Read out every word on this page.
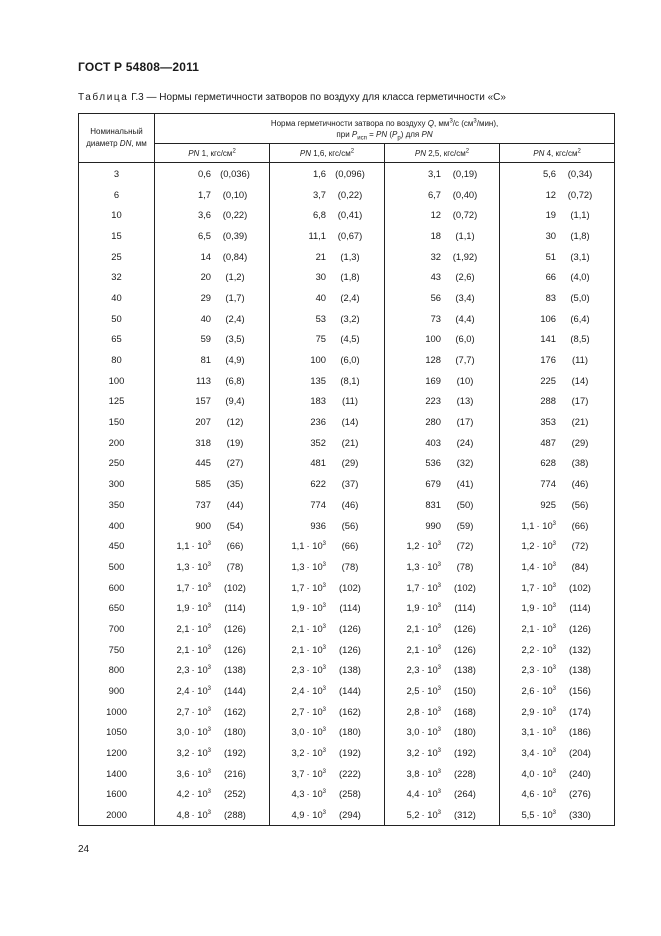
ГОСТ Р 54808—2011
Таблица Г.3 — Нормы герметичности затворов по воздуху для класса герметичности «С»
Номинальный
диаметр DN, мм	Норма герметичности затвора по воздуху Q, $мм^3/с$ $(см^3/мин)$,
при $P_{исп}$ = PN $(P_р)$ для PN			
	PN 1, кгс/$см^2$	PN 1,6, кгс/$см^2$	PN 2,5, кгс/$см^2$	PN 4, кгс/$см^2$
3	0,6 (0,036)	1,6 (0,096)	3,1 (0,19)	5,6 (0,34)

6	1,7 (0,10)	3,7 (0,22)	6,7 (0,40)	12 (0,72)

10	3,6 (0,22)	6,8 (0,41)	12 (0,72)	19 (1,1)

15	6,5 (0,39)	11,1 (0,67)	18 (1,1)	30 (1,8)

25	14 (0,84)	21 (1,3)	32 (1,92)	51 (3,1)

32	20 (1,2)	30 (1,8)	43 (2,6)	66 (4,0)

40	29 (1,7)	40 (2,4)	56 (3,4)	83 (5,0)

50	40 (2,4)	53 (3,2)	73 (4,4)	106 (6,4)

65	59 (3,5)	75 (4,5)	100 (6,0)	141 (8,5)

80	81 (4,9)	100 (6,0)	128 (7,7)	176 (11)

100	113 (6,8)	135 (8,1)	169 (10)	225 (14)

125	157 (9,4)	183 (11)	223 (13)	288 (17)

150	207 (12)	236 (14)	280 (17)	353 (21)

200	318 (19)	352 (21)	403 (24)	487 (29)

250	445 (27)	481 (29)	536 (32)	628 (38)

300	585 (35)	622 (37)	679 (41)	774 (46)

350	737 (44)	774 (46)	831 (50)	925 (56)

400	900 (54)	936 (56)	990 (59)	$1,1 \cdot 10^3$ (66)

450	$1,1 \cdot 10^3$ (66)	$1,1 \cdot 10^3$ (66)	$1,2 \cdot 10^3$ (72)	$1,2 \cdot 10^3$ (72)

500	$1,3 \cdot 10^3$ (78)	$1,3 \cdot 10^3$ (78)	$1,3 \cdot 10^3$ (78)	$1,4 \cdot 10^3$ (84)

600	$1,7 \cdot 10^3$ (102)	$1,7 \cdot 10^3$ (102)	$1,7 \cdot 10^3$ (102)	$1,7 \cdot 10^3$ (102)

650	$1,9 \cdot 10^3$ (114)	$1,9 \cdot 10^3$ (114)	$1,9 \cdot 10^3$ (114)	$1,9 \cdot 10^3$ (114)

700	$2,1 \cdot 10^3$ (126)	$2,1 \cdot 10^3$ (126)	$2,1 \cdot 10^3$ (126)	$2,1 \cdot 10^3$ (126)

750	$2,1 \cdot 10^3$ (126)	$2,1 \cdot 10^3$ (126)	$2,1 \cdot 10^3$ (126)	$2,2 \cdot 10^3$ (132)

800	$2,3 \cdot 10^3$ (138)	$2,3 \cdot 10^3$ (138)	$2,3 \cdot 10^3$ (138)	$2,3 \cdot 10^3$ (138)

900	$2,4 \cdot 10^3$ (144)	$2,4 \cdot 10^3$ (144)	$2,5 \cdot 10^3$ (150)	$2,6 \cdot 10^3$ (156)

1000	$2,7 \cdot 10^3$ (162)	$2,7 \cdot 10^3$ (162)	$2,8 \cdot 10^3$ (168)	$2,9 \cdot 10^3$ (174)

1050	$3,0 \cdot 10^3$ (180)	$3,0 \cdot 10^3$ (180)	$3,0 \cdot 10^3$ (180)	$3,1 \cdot 10^3$ (186)

1200	$3,2 \cdot 10^3$ (192)	$3,2 \cdot 10^3$ (192)	$3,2 \cdot 10^3$ (192)	$3,4 \cdot 10^3$ (204)

1400	$3,6 \cdot 10^3$ (216)	$3,7 \cdot 10^3$ (222)	$3,8 \cdot 10^3$ (228)	$4,0 \cdot 10^3$ (240)

1600	$4,2 \cdot 10^3$ (252)	$4,3 \cdot 10^3$ (258)	$4,4 \cdot 10^3$ (264)	$4,6 \cdot 10^3$ (276)

2000	$4,8 \cdot 10^3$ (288)	$4,9 \cdot 10^3$ (294)	$5,2 \cdot 10^3$ (312)	$5,5 \cdot 10^3$ (330)
24
